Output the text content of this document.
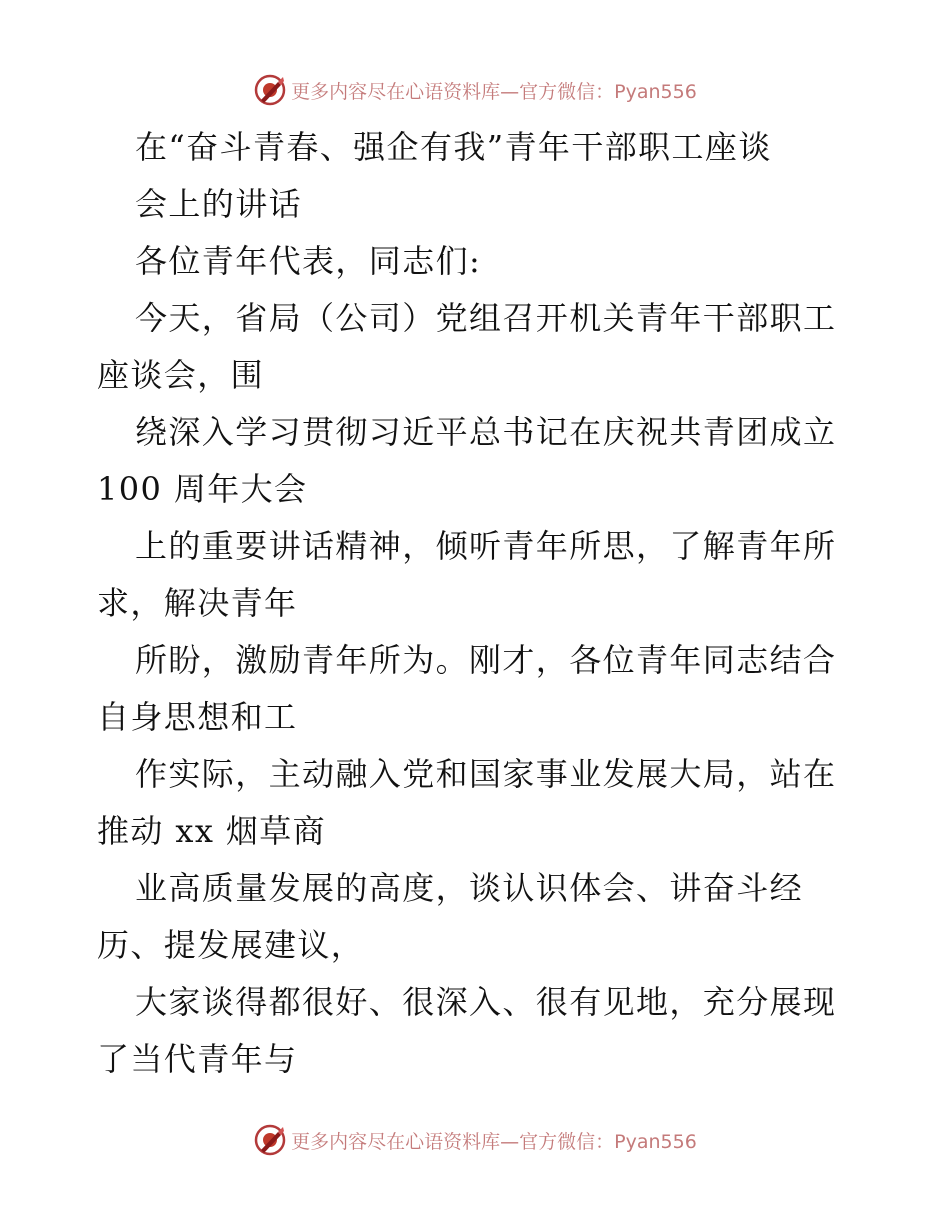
更多内容尽在心语资料库—官方微信：Pyan556
在“奋斗青春、强企有我”青年干部职工座谈
会上的讲话
各位青年代表，同志们:
今天，省局（公司）党组召开机关青年干部职工
座谈会，围
绕深入学习贯彻习近平总书记在庆祝共青团成立
100 周年大会
上的重要讲话精神，倾听青年所思，了解青年所
求，解决青年
所盼，激励青年所为。刚才，各位青年同志结合
自身思想和工
作实际，主动融入党和国家事业发展大局，站在
推动 xx 烟草商
业高质量发展的高度，谈认识体会、讲奋斗经
历、提发展建议，
大家谈得都很好、很深入、很有见地，充分展现
了当代青年与
更多内容尽在心语资料库—官方微信：Pyan556
